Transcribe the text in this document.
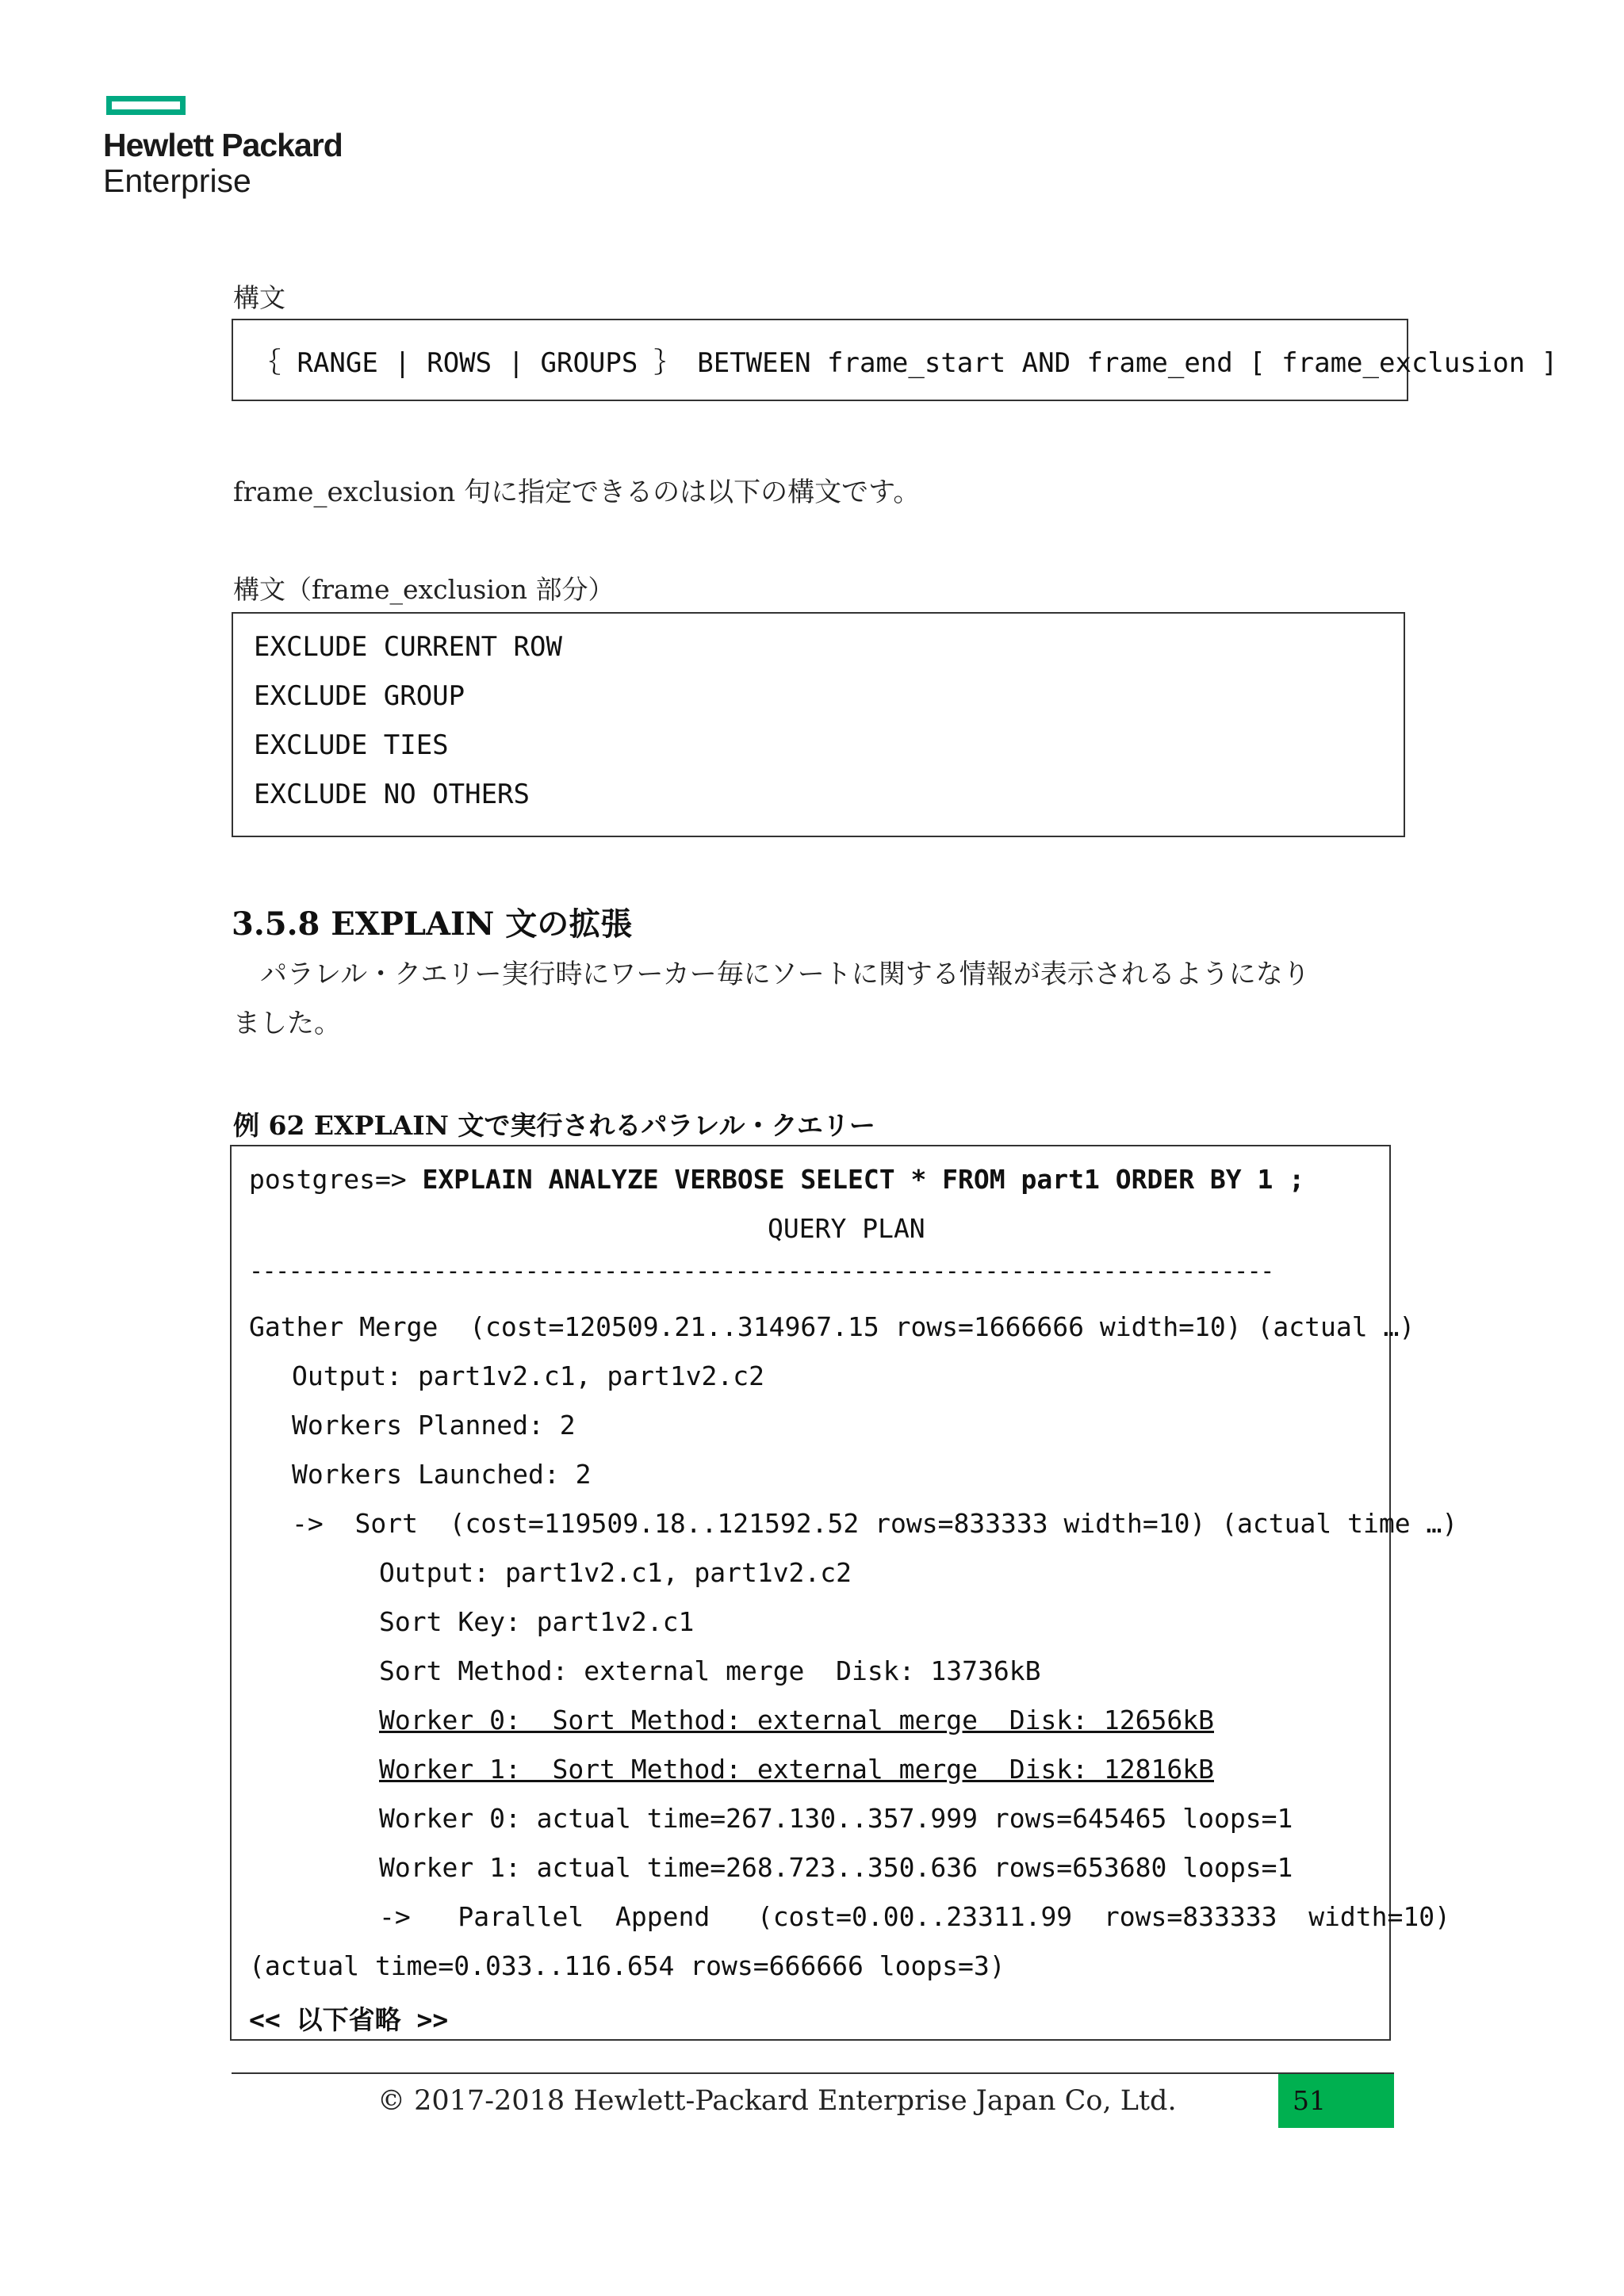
Hewlett Packard
Enterprise
構文
｛ RANGE | ROWS | GROUPS ｝ BETWEEN frame_start AND frame_end [ frame_exclusion ]
frame_exclusion 句に指定できるのは以下の構文です。
構文（frame_exclusion 部分）
EXCLUDE CURRENT ROW
EXCLUDE GROUP
EXCLUDE TIES
EXCLUDE NO OTHERS
3.5.8 EXPLAIN 文の拡張
パラレル・クエリー実行時にワーカー毎にソートに関する情報が表示されるようになり
ました。
例 62 EXPLAIN 文で実行されるパラレル・クエリー
postgres=> EXPLAIN ANALYZE VERBOSE SELECT * FROM part1 ORDER BY 1 ;
QUERY PLAN
------------------------------------------------------------------------------
Gather Merge  (cost=120509.21..314967.15 rows=1666666 width=10) (actual …)
Output: part1v2.c1, part1v2.c2
Workers Planned: 2
Workers Launched: 2
->  Sort  (cost=119509.18..121592.52 rows=833333 width=10) (actual time …)
Output: part1v2.c1, part1v2.c2
Sort Key: part1v2.c1
Sort Method: external merge  Disk: 13736kB
Worker 0:  Sort Method: external merge  Disk: 12656kB
Worker 1:  Sort Method: external merge  Disk: 12816kB
Worker 0: actual time=267.130..357.999 rows=645465 loops=1
Worker 1: actual time=268.723..350.636 rows=653680 loops=1
->   Parallel  Append   (cost=0.00..23311.99  rows=833333  width=10)
(actual time=0.033..116.654 rows=666666 loops=3)
<< 以下省略 >>
© 2017-2018 Hewlett-Packard Enterprise Japan Co, Ltd.	51
